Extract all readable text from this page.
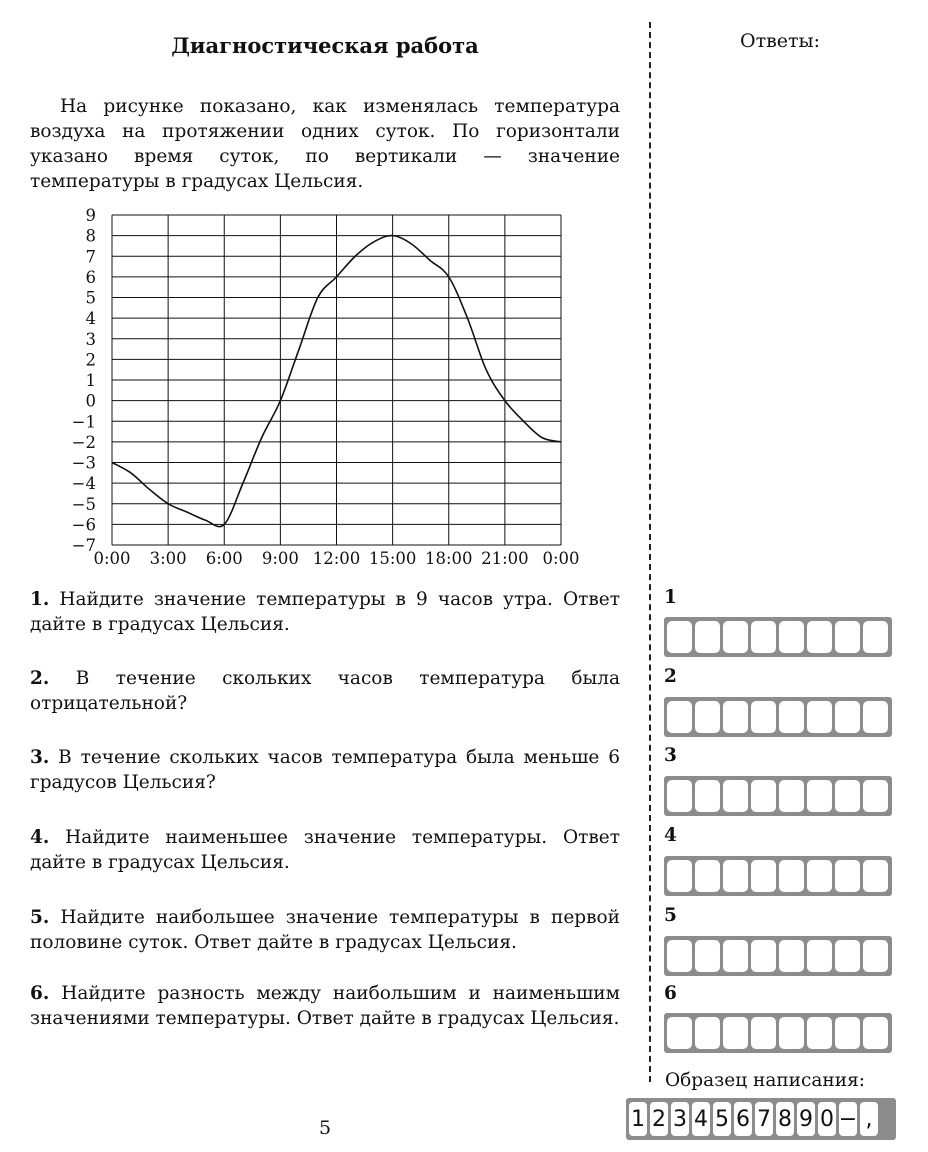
Диагностическая работа	Ответы:

На рисунке показано, как изменялась температура воздуха на протяжении одних суток. По горизонтали указано время суток, по вертикали — значение температуры в градусах Цельсия.

9
8
7
6
5
4
3
2
1
0
−1
−2
−3
−4
−5
−6
−7
0:00 3:00 6:00 9:00 12:00 15:00 18:00 21:00 0:00

1. Найдите значение температуры в 9 часов утра. Ответ дайте в градусах Цельсия.

2. В течение скольких часов температура была отрицательной?

3. В течение скольких часов температура была меньше 6 градусов Цельсия?

4. Найдите наименьшее значение температуры. Ответ дайте в градусах Цельсия.

5. Найдите наибольшее значение температуры в первой половине суток. Ответ дайте в градусах Цельсия.

6. Найдите разность между наибольшим и наименьшим значениями температуры. Ответ дайте в градусах Цельсия.

1
2
3
4
5
6
Образец написания:
1 2 3 4 5 6 7 8 9 0 − ,
5
